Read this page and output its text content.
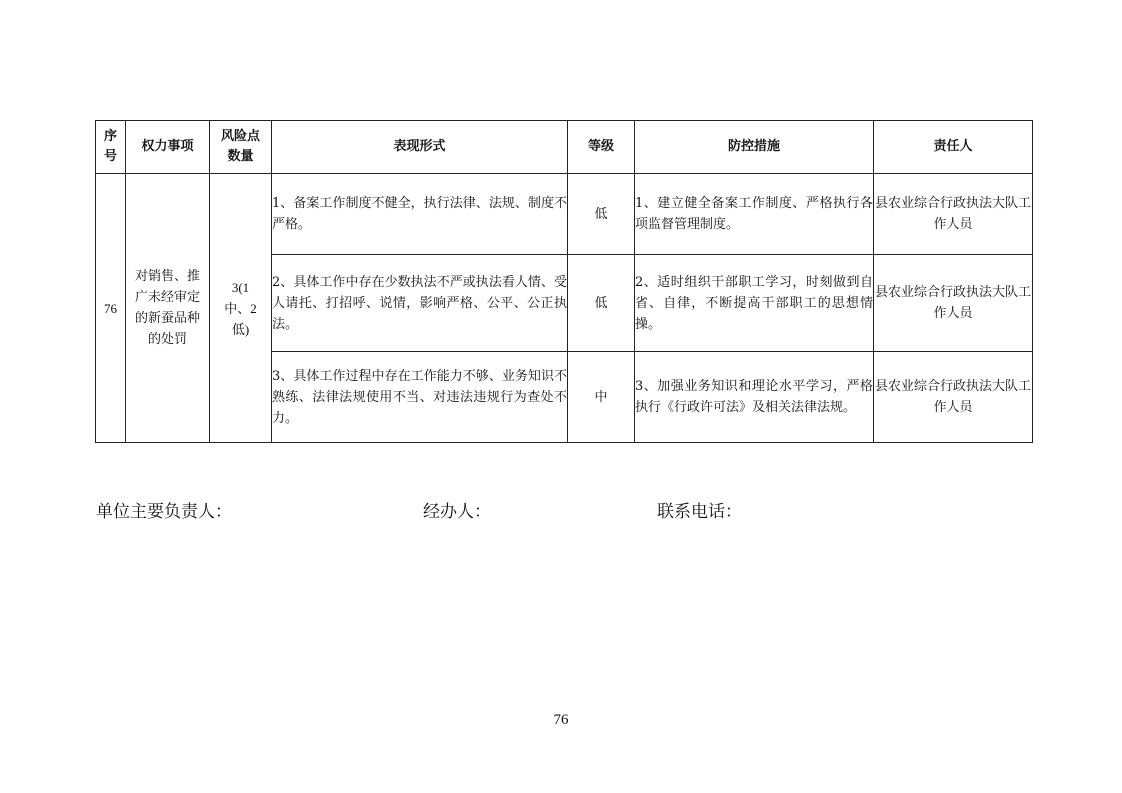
序号	权力事项	风险点数量	表现形式	等级	防控措施	责任人
76	对销售、推广未经审定的新蚕品种的处罚	3(1 中、2 低)	1、备案工作制度不健全，执行法律、法规、制度不严格。	低	1、建立健全备案工作制度、严格执行各项监督管理制度。	县农业综合行政执法大队工作人员
			2、具体工作中存在少数执法不严或执法看人情、受人请托、打招呼、说情，影响严格、公平、公正执法。	低	2、适时组织干部职工学习，时刻做到自省、自律，不断提高干部职工的思想情操。	县农业综合行政执法大队工作人员
			3、具体工作过程中存在工作能力不够、业务知识不熟练、法律法规使用不当、对违法违规行为查处不力。	中	3、加强业务知识和理论水平学习，严格执行《行政许可法》及相关法律法规。	县农业综合行政执法大队工作人员
单位主要负责人：	经办人：	联系电话：
76
